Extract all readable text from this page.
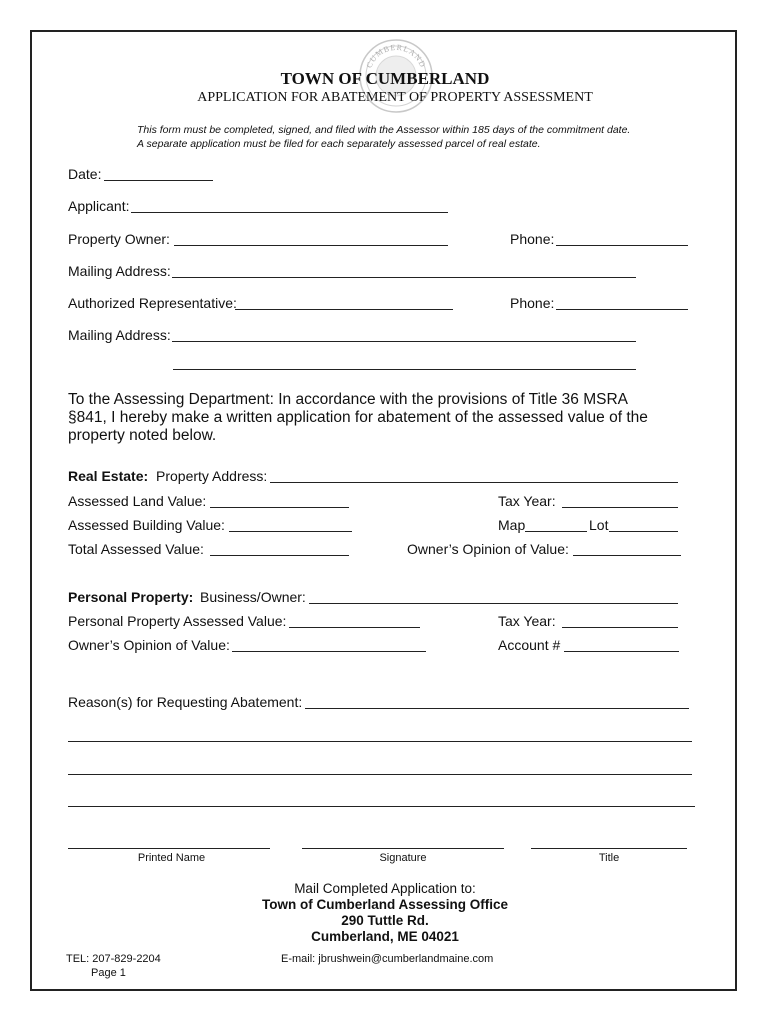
CUMBERLAND
TOWN OF CUMBERLAND
APPLICATION FOR ABATEMENT OF PROPERTY ASSESSMENT
This form must be completed, signed, and filed with the Assessor within 185 days of the commitment date.
A separate application must be filed for each separately assessed parcel of real estate.
Date:
Applicant:
Property Owner:	Phone:
Mailing Address:
Authorized Representative:	Phone:
Mailing Address:
To the Assessing Department: In accordance with the provisions of Title 36 MSRA
§841, I hereby make a written application for abatement of the assessed value of the
property noted below.
Real Estate: Property Address:
Assessed Land Value:	Tax Year:
Assessed Building Value:	Map	Lot
Total Assessed Value:	Owner’s Opinion of Value:
Personal Property: Business/Owner:
Personal Property Assessed Value:	Tax Year:
Owner’s Opinion of Value:	Account #
Reason(s) for Requesting Abatement:
Printed Name	Signature	Title
Mail Completed Application to:
Town of Cumberland Assessing Office
290 Tuttle Rd.
Cumberland, ME 04021
TEL: 207-829-2204
Page 1
E-mail: jbrushwein@cumberlandmaine.com
